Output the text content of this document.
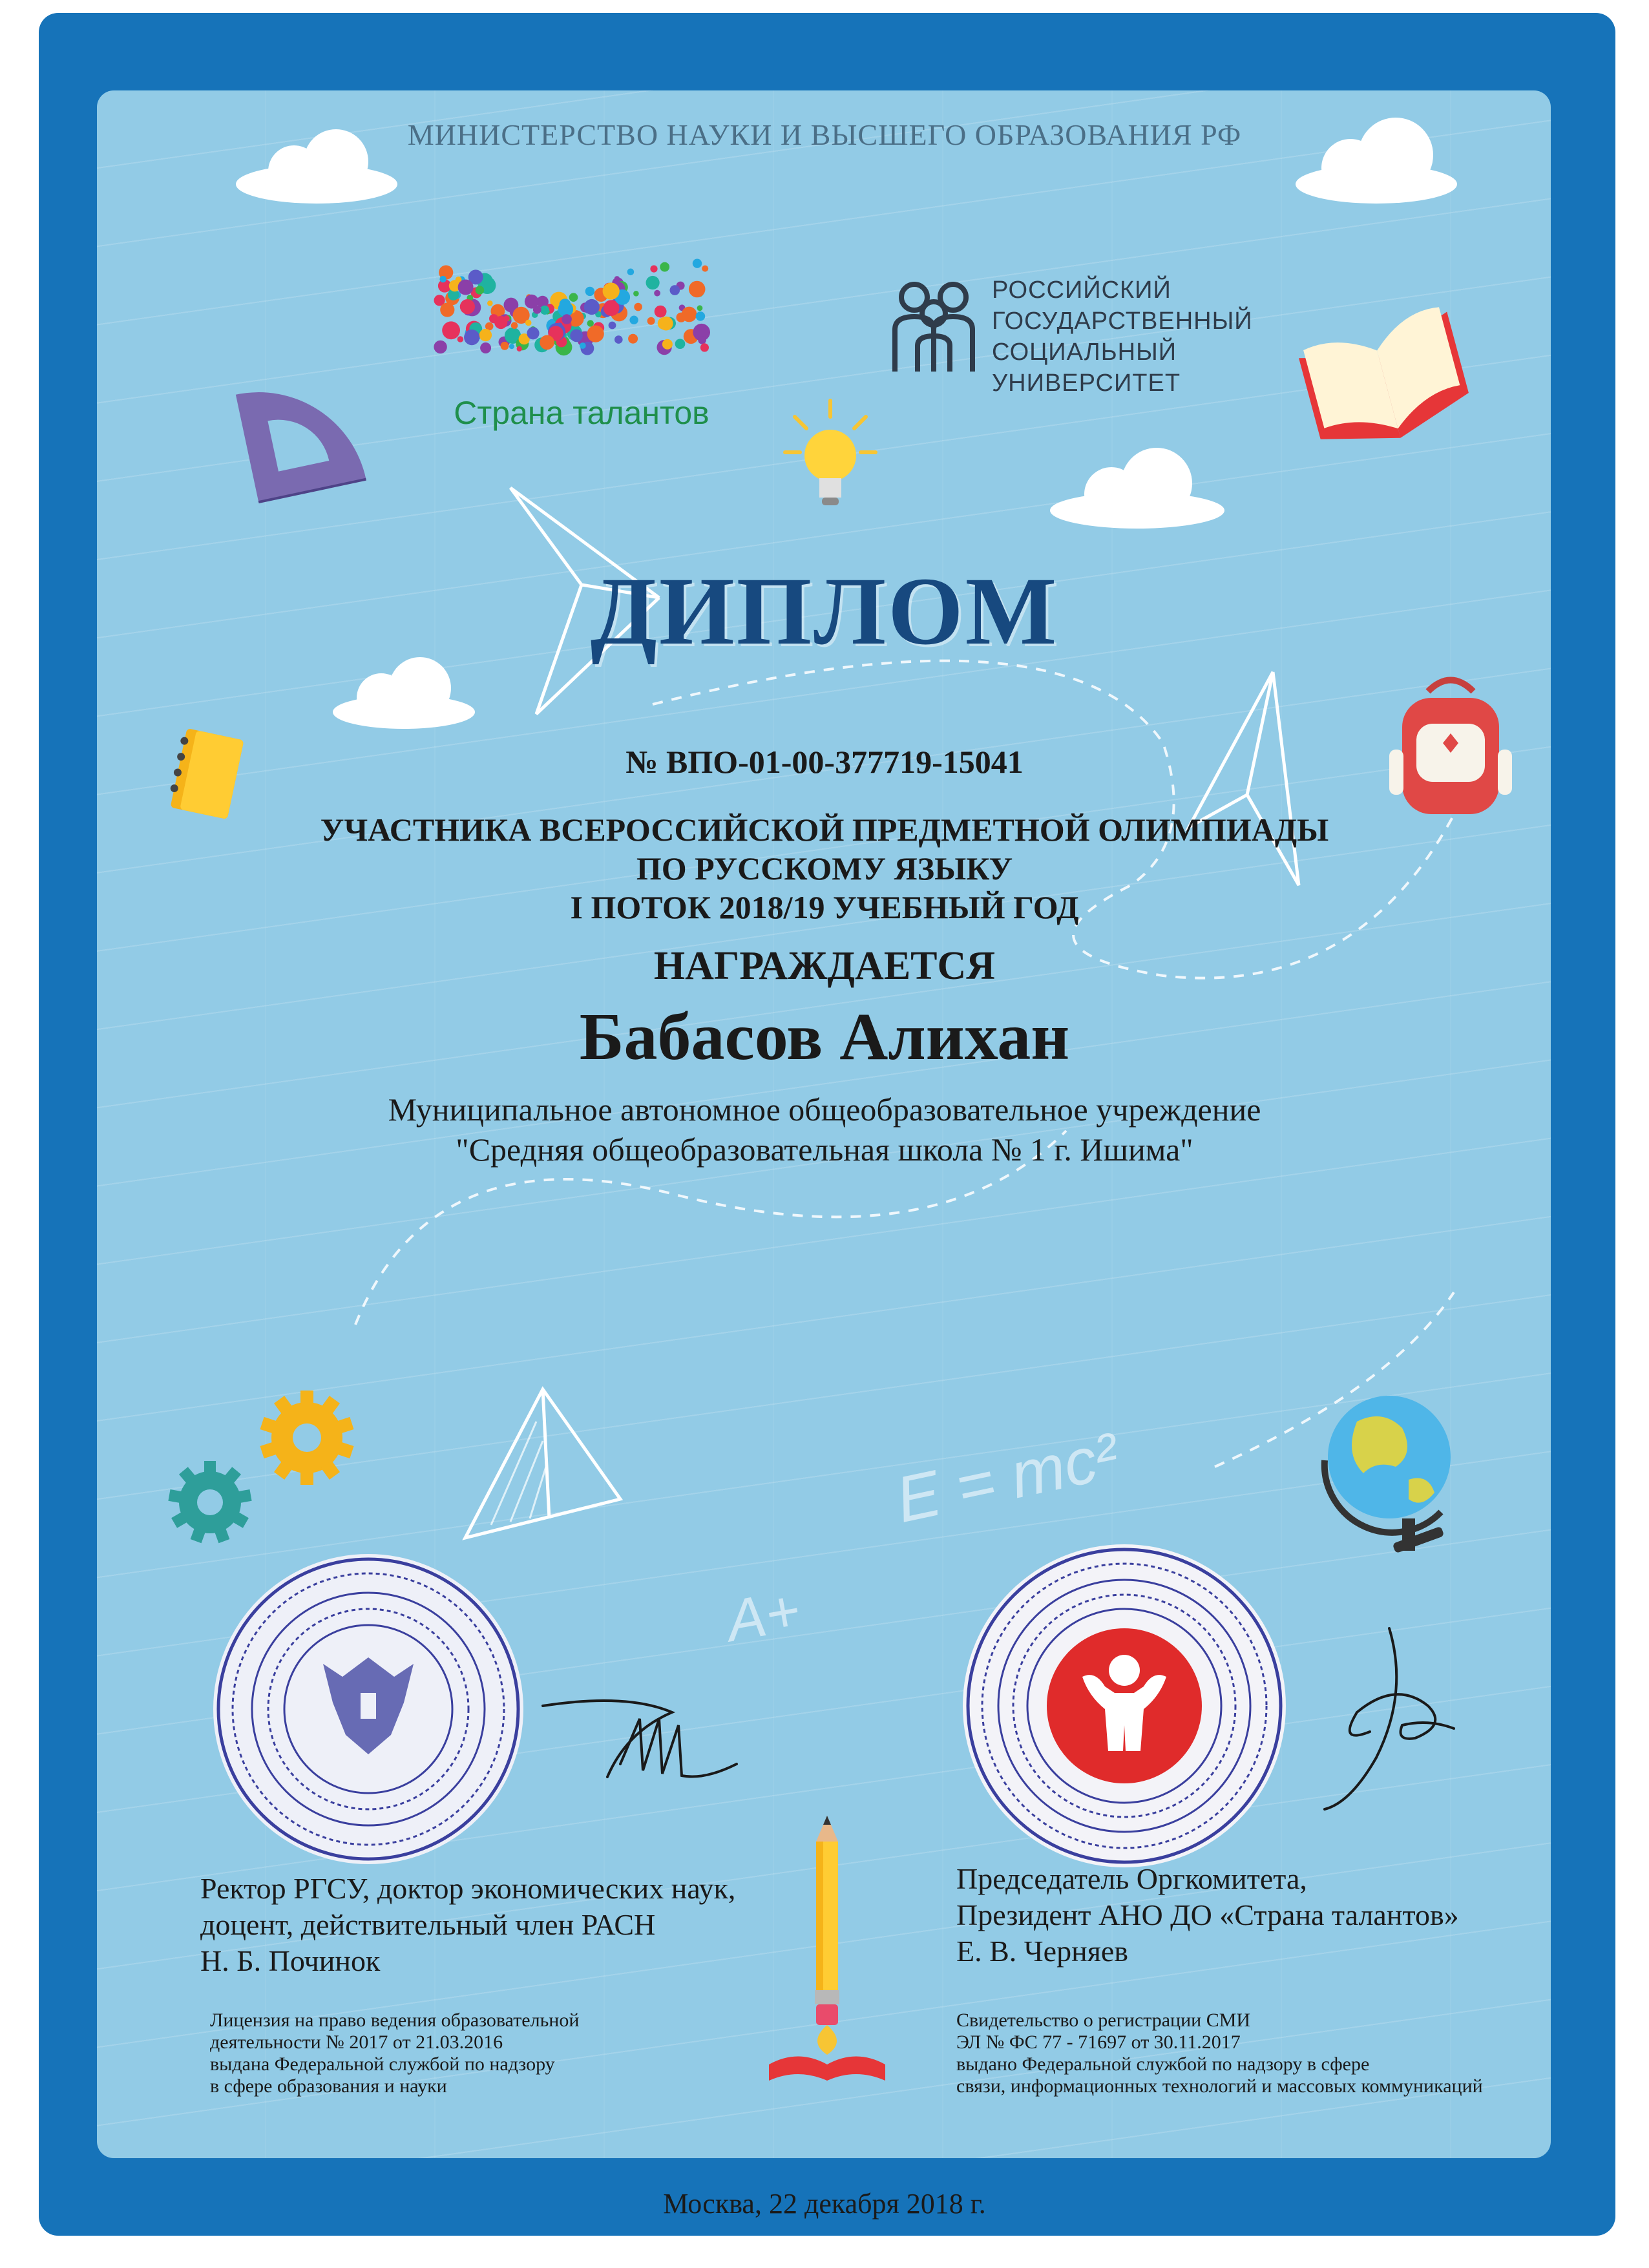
МИНИСТЕРСТВО НАУКИ И ВЫСШЕГО ОБРАЗОВАНИЯ РФ
Страна талантов
РОССИЙСКИЙ
ГОСУДАРСТВЕННЫЙ
СОЦИАЛЬНЫЙ
УНИВЕРСИТЕТ
ДИПЛОМ
№ ВПО-01-00-377719-15041
УЧАСТНИКА ВСЕРОССИЙСКОЙ ПРЕДМЕТНОЙ ОЛИМПИАДЫ
ПО РУССКОМУ ЯЗЫКУ
I ПОТОК 2018/19 УЧЕБНЫЙ ГОД
НАГРАЖДАЕТСЯ
Бабасов Алихан
Муниципальное автономное общеобразовательное учреждение
"Средняя общеобразовательная школа № 1 г. Ишима"
E = mc²
A+
Ректор РГСУ, доктор экономических наук,
доцент, действительный член РАСН
Н. Б. Починок
Лицензия на право ведения образовательной
деятельности № 2017 от 21.03.2016
выдана Федеральной службой по надзору
в сфере образования и науки
Председатель Оргкомитета,
Президент АНО ДО «Страна талантов»
Е. В. Черняев
Свидетельство о регистрации СМИ
ЭЛ № ФС 77 - 71697 от 30.11.2017
выдано Федеральной службой по надзору в сфере
связи, информационных технологий и массовых коммуникаций
Москва, 22 декабря 2018 г.
